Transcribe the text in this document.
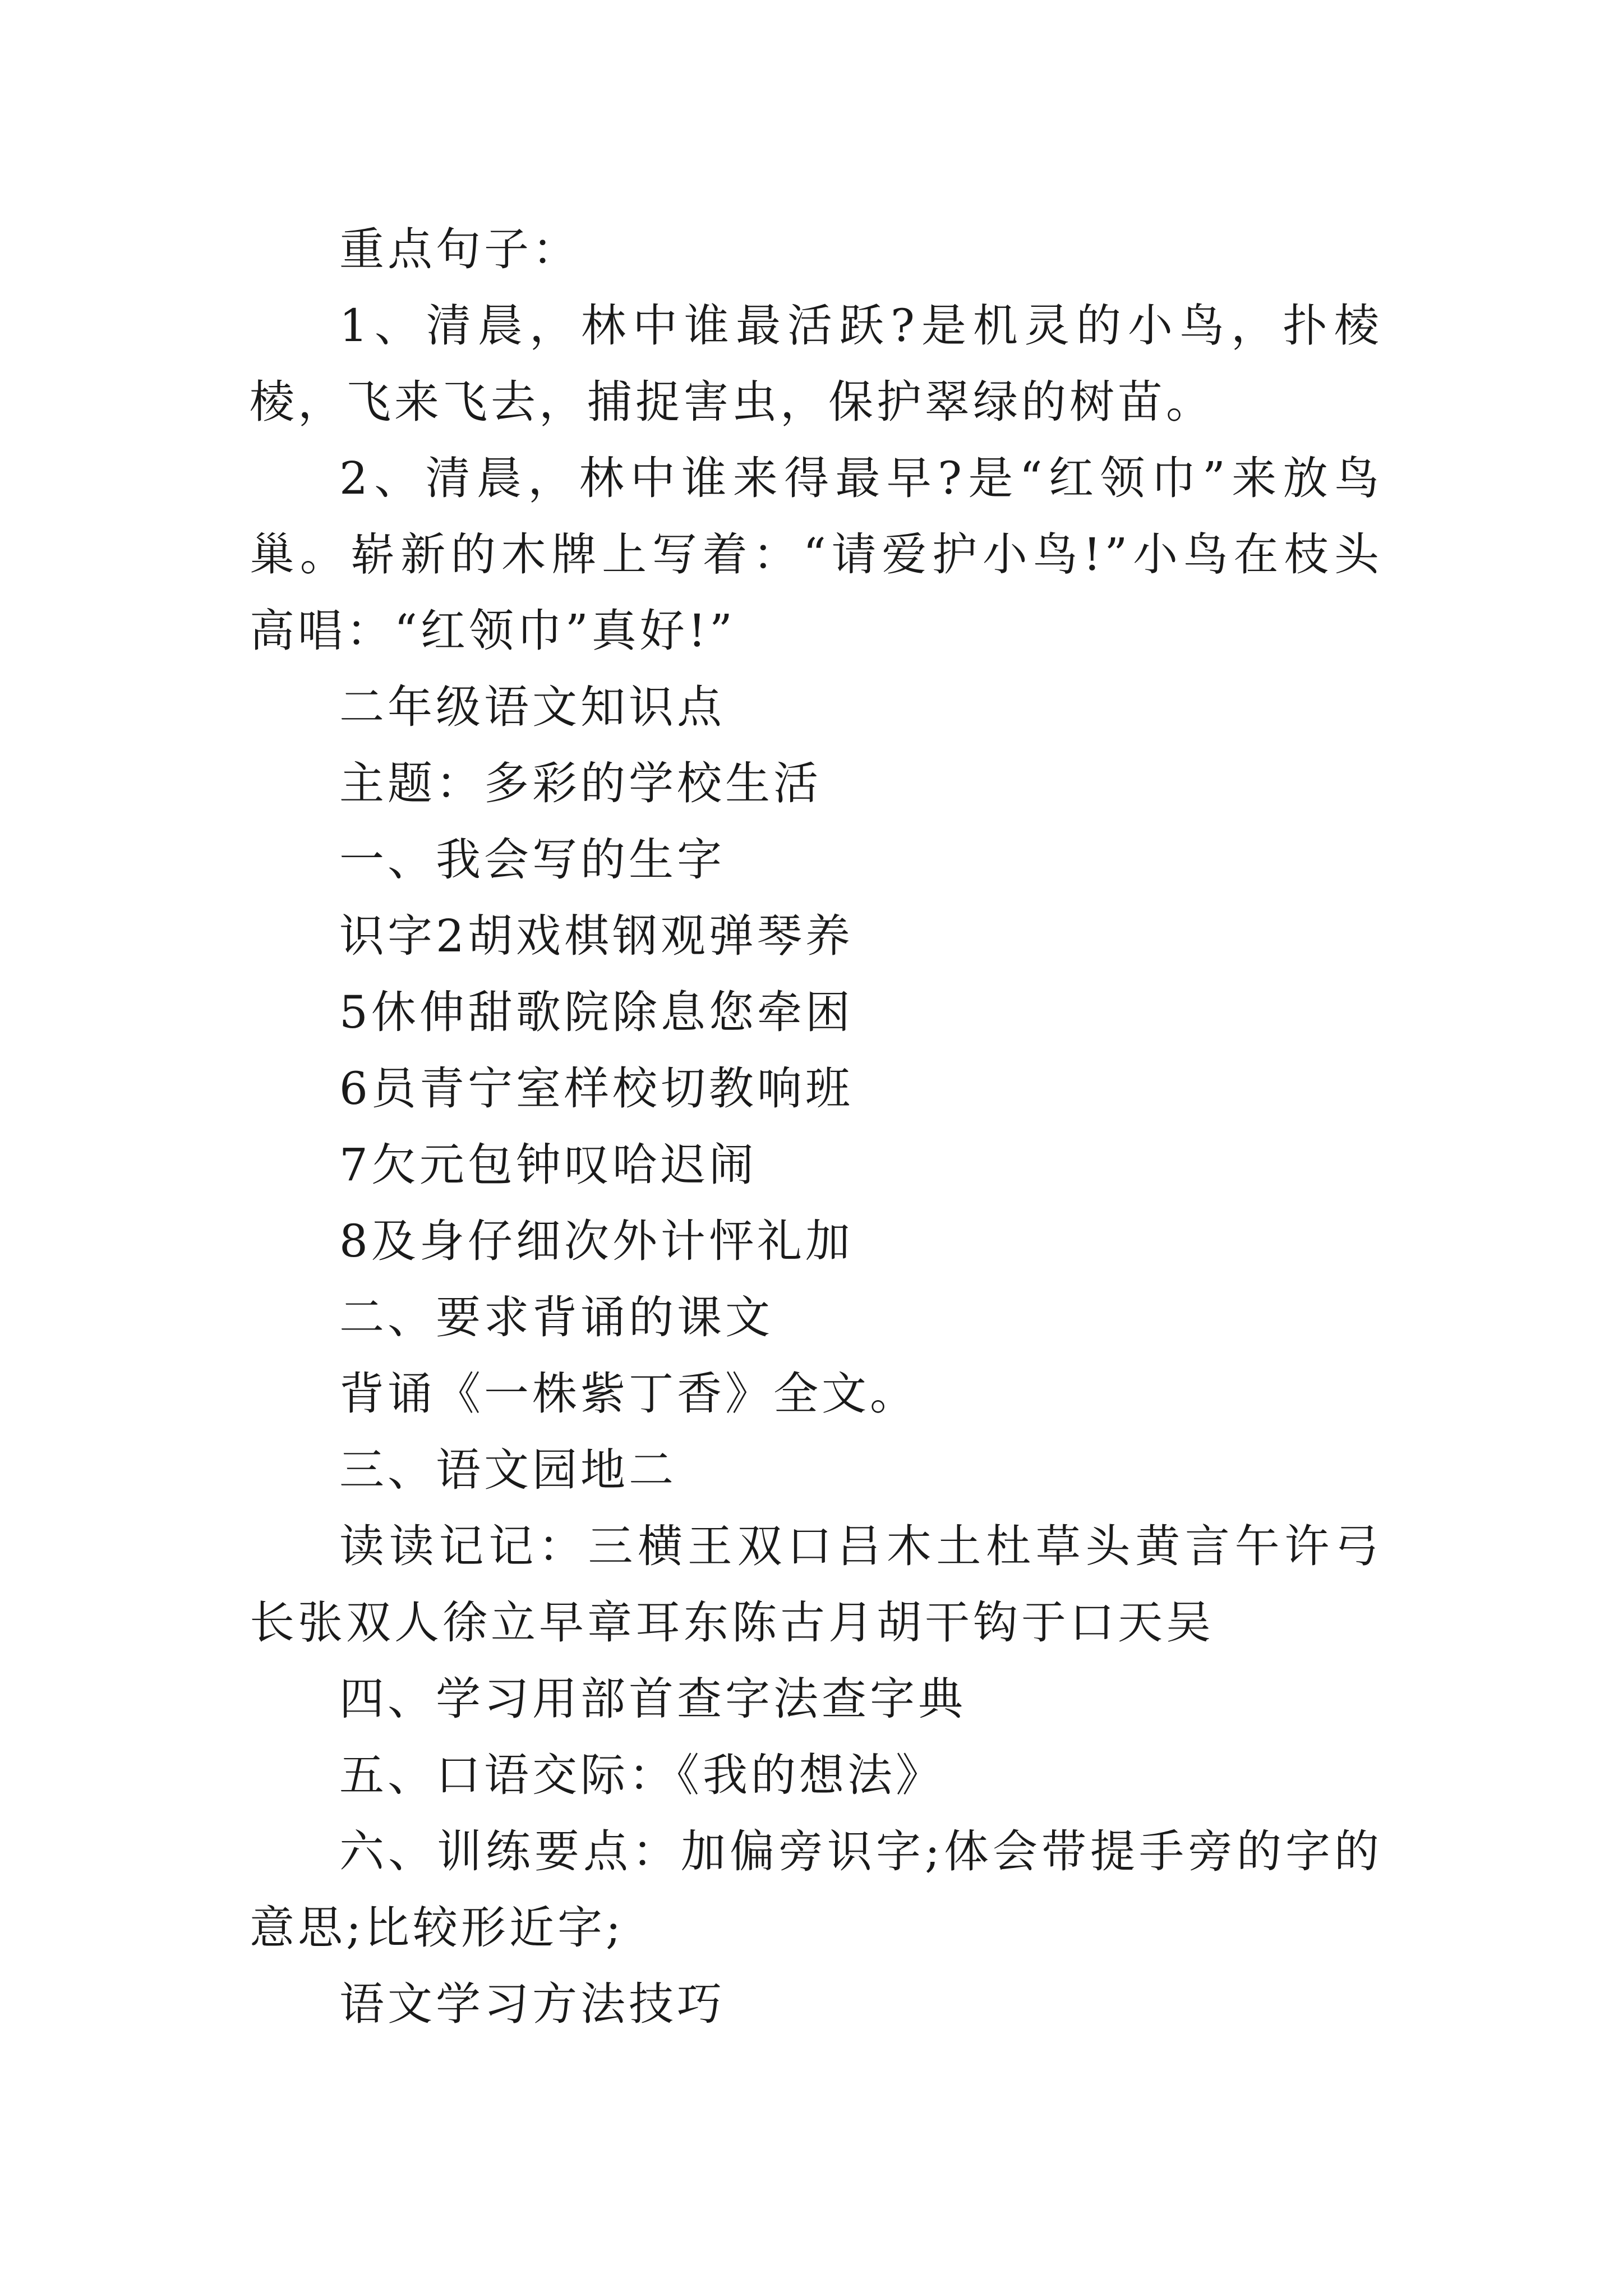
重点句子：

1、清晨，林中谁最活跃?是机灵的小鸟，扑棱棱，飞来飞去，捕捉害虫，保护翠绿的树苗。

2、清晨，林中谁来得最早?是“红领巾”来放鸟巢。崭新的木牌上写着：“请爱护小鸟!”小鸟在枝头高唱：“红领巾”真好!”

二年级语文知识点

主题：多彩的学校生活

一、我会写的生字

识字2胡戏棋钢观弹琴养

5休伸甜歌院除息您牵困

6员青宁室样校切教响班

7欠元包钟叹哈迟闹

8及身仔细次外计怦礼加

二、要求背诵的课文

背诵《一株紫丁香》全文。

三、语文园地二

读读记记：三横王双口吕木土杜草头黄言午许弓长张双人徐立早章耳东陈古月胡干钩于口天吴

四、学习用部首查字法查字典

五、口语交际：《我的想法》

六、训练要点：加偏旁识字;体会带提手旁的字的意思;比较形近字;

语文学习方法技巧
